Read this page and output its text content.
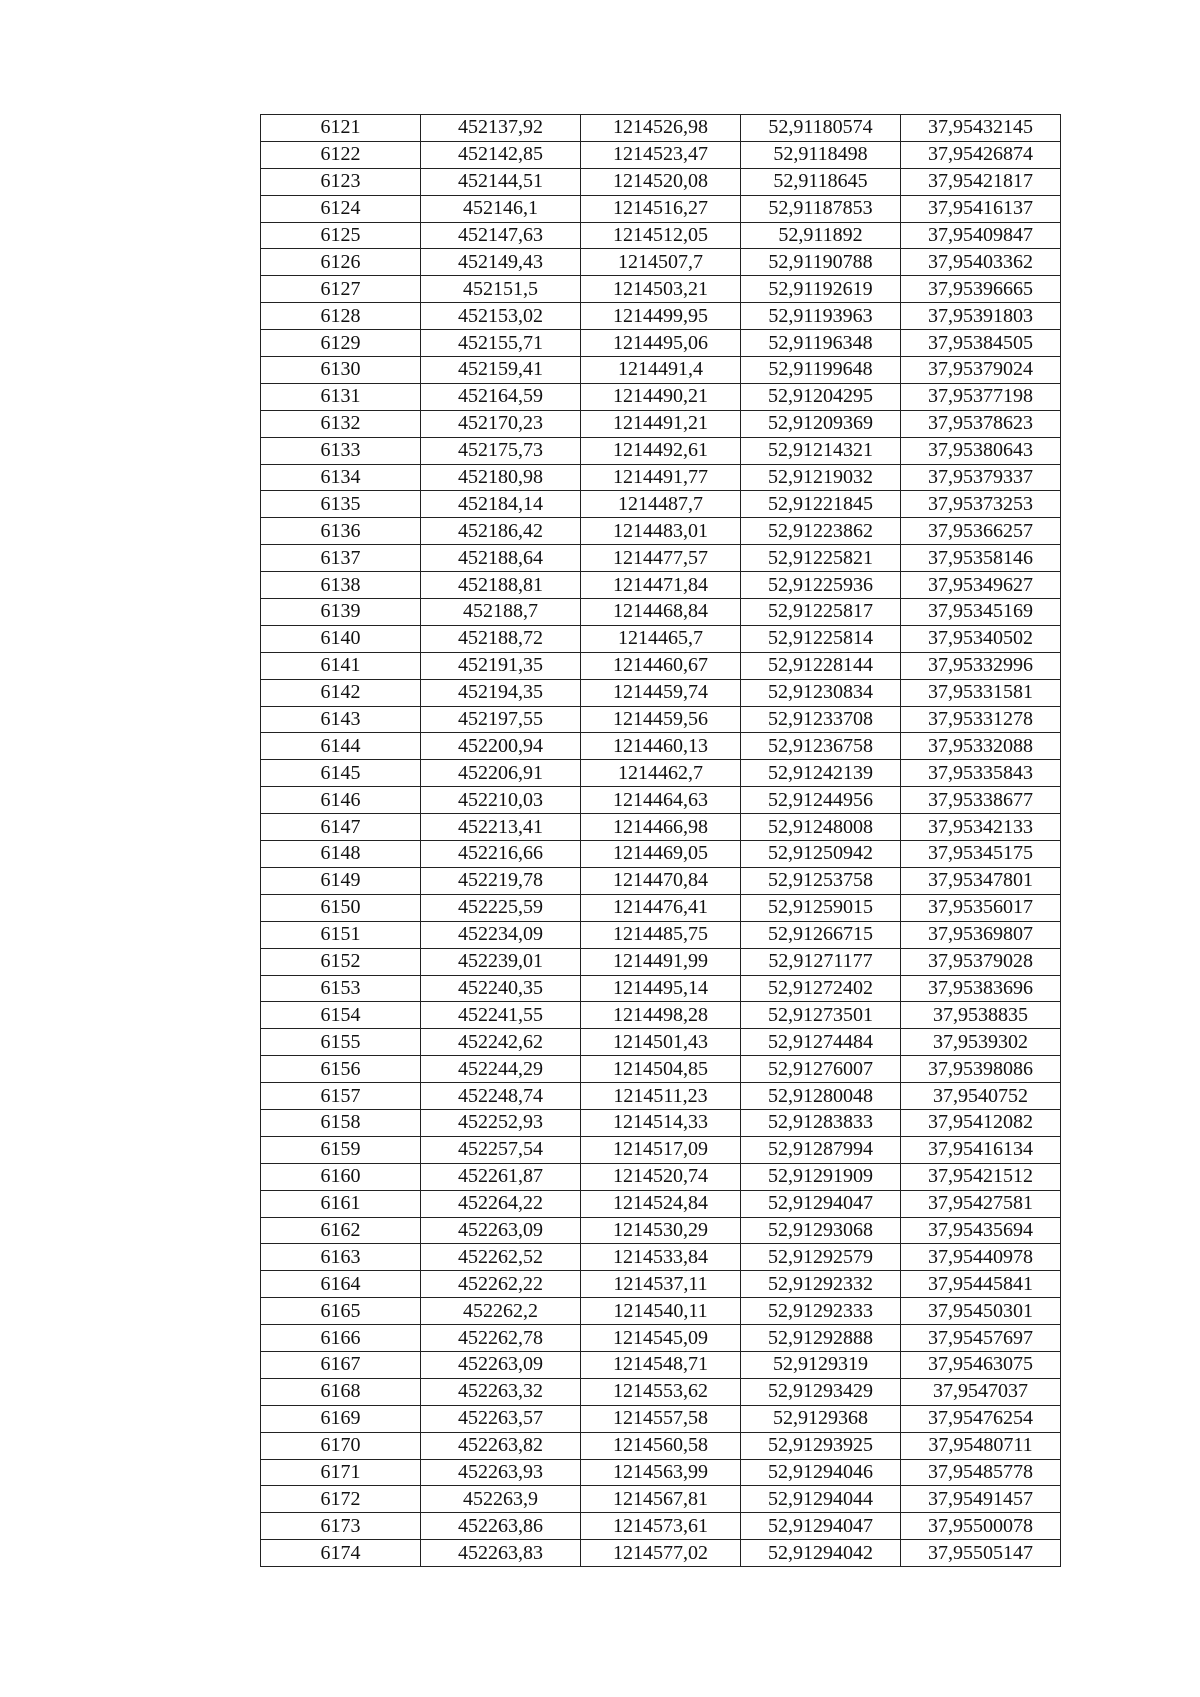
6121	452137,92	1214526,98	52,91180574	37,95432145
6122	452142,85	1214523,47	52,9118498	37,95426874
6123	452144,51	1214520,08	52,9118645	37,95421817
6124	452146,1	1214516,27	52,91187853	37,95416137
6125	452147,63	1214512,05	52,911892	37,95409847
6126	452149,43	1214507,7	52,91190788	37,95403362
6127	452151,5	1214503,21	52,91192619	37,95396665
6128	452153,02	1214499,95	52,91193963	37,95391803
6129	452155,71	1214495,06	52,91196348	37,95384505
6130	452159,41	1214491,4	52,91199648	37,95379024
6131	452164,59	1214490,21	52,91204295	37,95377198
6132	452170,23	1214491,21	52,91209369	37,95378623
6133	452175,73	1214492,61	52,91214321	37,95380643
6134	452180,98	1214491,77	52,91219032	37,95379337
6135	452184,14	1214487,7	52,91221845	37,95373253
6136	452186,42	1214483,01	52,91223862	37,95366257
6137	452188,64	1214477,57	52,91225821	37,95358146
6138	452188,81	1214471,84	52,91225936	37,95349627
6139	452188,7	1214468,84	52,91225817	37,95345169
6140	452188,72	1214465,7	52,91225814	37,95340502
6141	452191,35	1214460,67	52,91228144	37,95332996
6142	452194,35	1214459,74	52,91230834	37,95331581
6143	452197,55	1214459,56	52,91233708	37,95331278
6144	452200,94	1214460,13	52,91236758	37,95332088
6145	452206,91	1214462,7	52,91242139	37,95335843
6146	452210,03	1214464,63	52,91244956	37,95338677
6147	452213,41	1214466,98	52,91248008	37,95342133
6148	452216,66	1214469,05	52,91250942	37,95345175
6149	452219,78	1214470,84	52,91253758	37,95347801
6150	452225,59	1214476,41	52,91259015	37,95356017
6151	452234,09	1214485,75	52,91266715	37,95369807
6152	452239,01	1214491,99	52,91271177	37,95379028
6153	452240,35	1214495,14	52,91272402	37,95383696
6154	452241,55	1214498,28	52,91273501	37,9538835
6155	452242,62	1214501,43	52,91274484	37,9539302
6156	452244,29	1214504,85	52,91276007	37,95398086
6157	452248,74	1214511,23	52,91280048	37,9540752
6158	452252,93	1214514,33	52,91283833	37,95412082
6159	452257,54	1214517,09	52,91287994	37,95416134
6160	452261,87	1214520,74	52,91291909	37,95421512
6161	452264,22	1214524,84	52,91294047	37,95427581
6162	452263,09	1214530,29	52,91293068	37,95435694
6163	452262,52	1214533,84	52,91292579	37,95440978
6164	452262,22	1214537,11	52,91292332	37,95445841
6165	452262,2	1214540,11	52,91292333	37,95450301
6166	452262,78	1214545,09	52,91292888	37,95457697
6167	452263,09	1214548,71	52,9129319	37,95463075
6168	452263,32	1214553,62	52,91293429	37,9547037
6169	452263,57	1214557,58	52,9129368	37,95476254
6170	452263,82	1214560,58	52,91293925	37,95480711
6171	452263,93	1214563,99	52,91294046	37,95485778
6172	452263,9	1214567,81	52,91294044	37,95491457
6173	452263,86	1214573,61	52,91294047	37,95500078
6174	452263,83	1214577,02	52,91294042	37,95505147
